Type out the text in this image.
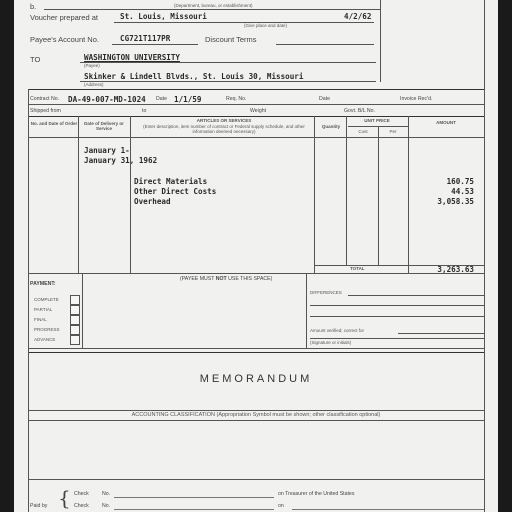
b.	(Department, bureau, or establishment)
Voucher prepared at	St. Louis, Missouri	4/2/62
(Give place and date)
Payee's Account No.	CG721T117PR	Discount Terms
TO	WASHINGTON UNIVERSITY
(Payee)
Skinker & Lindell Blvds., St. Louis 30, Missouri
(Address)
Contract No. DA-49-007-MD-1024 Date 1/1/59	Req. No.	Date	Invoice Rec'd.
Shipped from	to	Weight	Govt. B/L No.
No. and Date of Order	Date of Delivery or Service
ARTICLES OR SERVICES
(Enter description, item number of contract or Federal supply schedule, and other information deemed necessary)
Quantity
UNIT PRICE
Cost	Per
AMOUNT
January 1-
January 31, 1962
Direct Materials	160.75
Other Direct Costs	44.53
Overhead	3,058.35
TOTAL	3,263.63
PAYMENT:
COMPLETE
PARTIAL
FINAL
PROGRESS
ADVANCE
(PAYEE MUST NOT USE THIS SPACE)
DIFFERENCES
Amount verified; correct for
(Signature or initials)
MEMORANDUM
ACCOUNTING CLASSIFICATION (Appropriation Symbol must be shown; other classification optional)
Paid by { Check	No.	on Treasurer of the United States
Check	No.	on
